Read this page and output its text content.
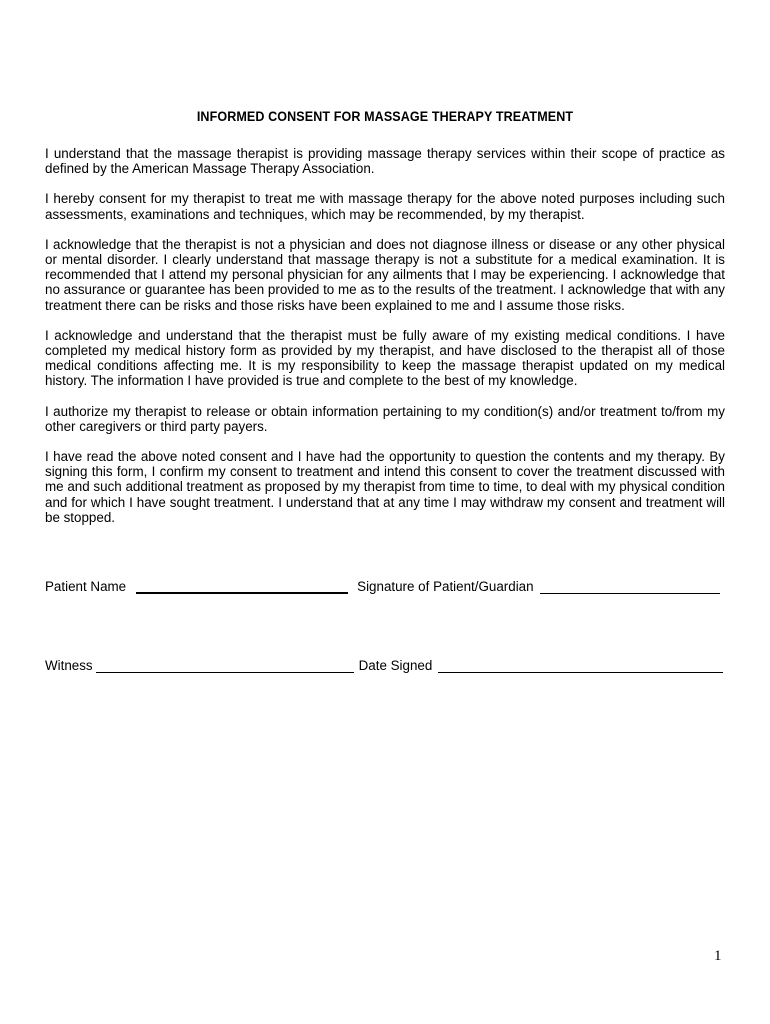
INFORMED CONSENT FOR MASSAGE THERAPY TREATMENT

I understand that the massage therapist is providing massage therapy services within their scope of practice as defined by the American Massage Therapy Association.

I hereby consent for my therapist to treat me with massage therapy for the above noted purposes including such assessments, examinations and techniques, which may be recommended, by my therapist.

I acknowledge that the therapist is not a physician and does not diagnose illness or disease or any other physical or mental disorder. I clearly understand that massage therapy is not a substitute for a medical examination. It is recommended that I attend my personal physician for any ailments that I may be experiencing. I acknowledge that no assurance or guarantee has been provided to me as to the results of the treatment. I acknowledge that with any treatment there can be risks and those risks have been explained to me and I assume those risks.

I acknowledge and understand that the therapist must be fully aware of my existing medical conditions. I have completed my medical history form as provided by my therapist, and have disclosed to the therapist all of those medical conditions affecting me. It is my responsibility to keep the massage therapist updated on my medical history. The information I have provided is true and complete to the best of my knowledge.

I authorize my therapist to release or obtain information pertaining to my condition(s) and/or treatment to/from my other caregivers or third party payers.

I have read the above noted consent and I have had the opportunity to question the contents and my therapy. By signing this form, I confirm my consent to treatment and intend this consent to cover the treatment discussed with me and such additional treatment as proposed by my therapist from time to time, to deal with my physical condition and for which I have sought treatment. I understand that at any time I may withdraw my consent and treatment will be stopped.

Patient Name	Signature of Patient/Guardian
Witness	Date Signed
1
